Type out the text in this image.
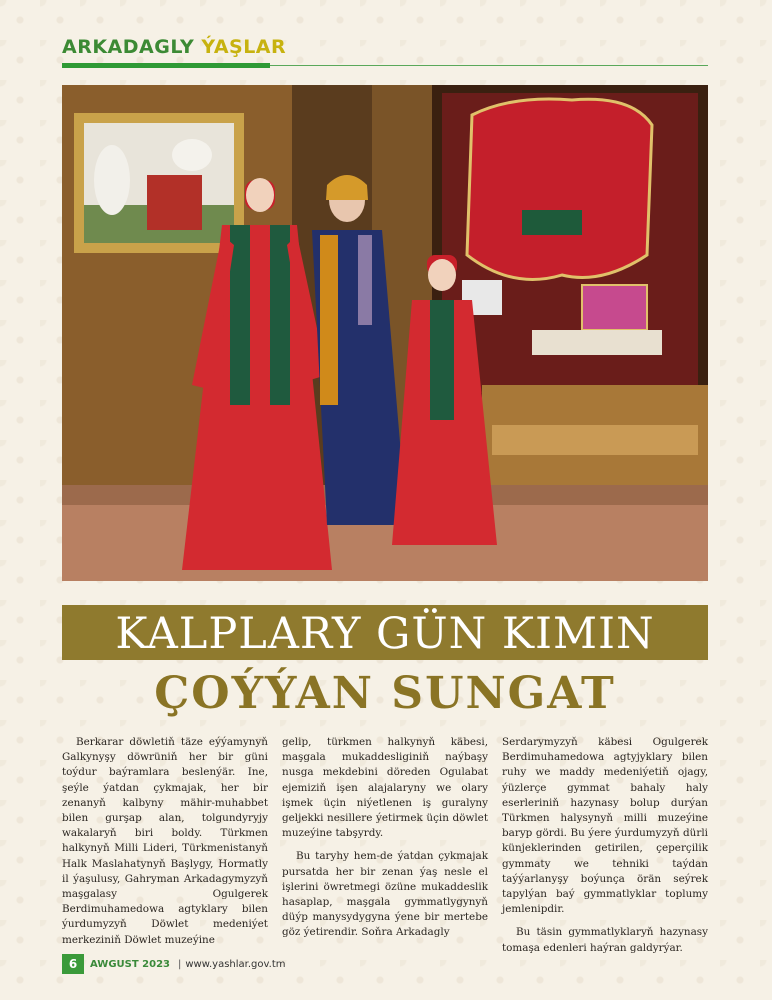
ARKADAGLY ÝAŞLAR
KALPLARY GÜN KIMIN
ÇOÝÝAN SUNGAT

Berkarar döwletiň täze eýýamynyň Galkynyşy döwrüniň her bir güni toýdur baýramlara beslenýär. Ine, şeýle ýatdan çykmajak, her bir zenanyň kalbyny mähir-muhabbet bilen gurşap alan, tolgundyryjy wakalaryň biri boldy. Türkmen halkynyň Milli Lideri, Türkmenistanyň Halk Maslahatynyň Başlygy, Hormatly il ýaşulusy, Gahryman Arkadagymyzyň maşgalasy Ogulgerek Berdimuhamedowa agtyklary bilen ýurdumyzyň Döwlet medeniýet merkeziniň Döwlet muzeýine

gelip, türkmen halkynyň käbesi, maşgala mukaddesliginiň naýbaşy nusga mekdebini döreden Ogulabat ejemiziň işen alajalaryny we olary işmek üçin niýetlenen iş guralyny geljekki nesillere ýetirmek üçin döwlet muzeýine tabşyrdy.

Bu taryhy hem-de ýatdan çykmajak pursatda her bir zenan ýaş nesle el işlerini öwretmegi özüne mukaddeslik hasaplap, maşgala gymmatlygynyň düýp manysydygyna ýene bir mertebe göz ýetirendir. Soňra Arkadagly

Serdarymyzyň käbesi Ogulgerek Berdimuhamedowa agtyjyklary bilen ruhy we maddy medeniýetiň ojagy, ýüzlerçe gymmat bahaly haly eserleriniň hazynasy bolup durýan Türkmen halysynyň milli muzeýine baryp gördi. Bu ýere ýurdumyzyň dürli künjeklerinden getirilen, çeperçilik gymmaty we tehniki taýdan taýýarlanyşy boýunça örän seýrek tapylýan baý gymmatlyklar toplumy jemlenipdir.

Bu täsin gymmatlyklaryň hazynasy tomaşa edenleri haýran galdyrýar.

6	AWGUST 2023 | www.yashlar.gov.tm
